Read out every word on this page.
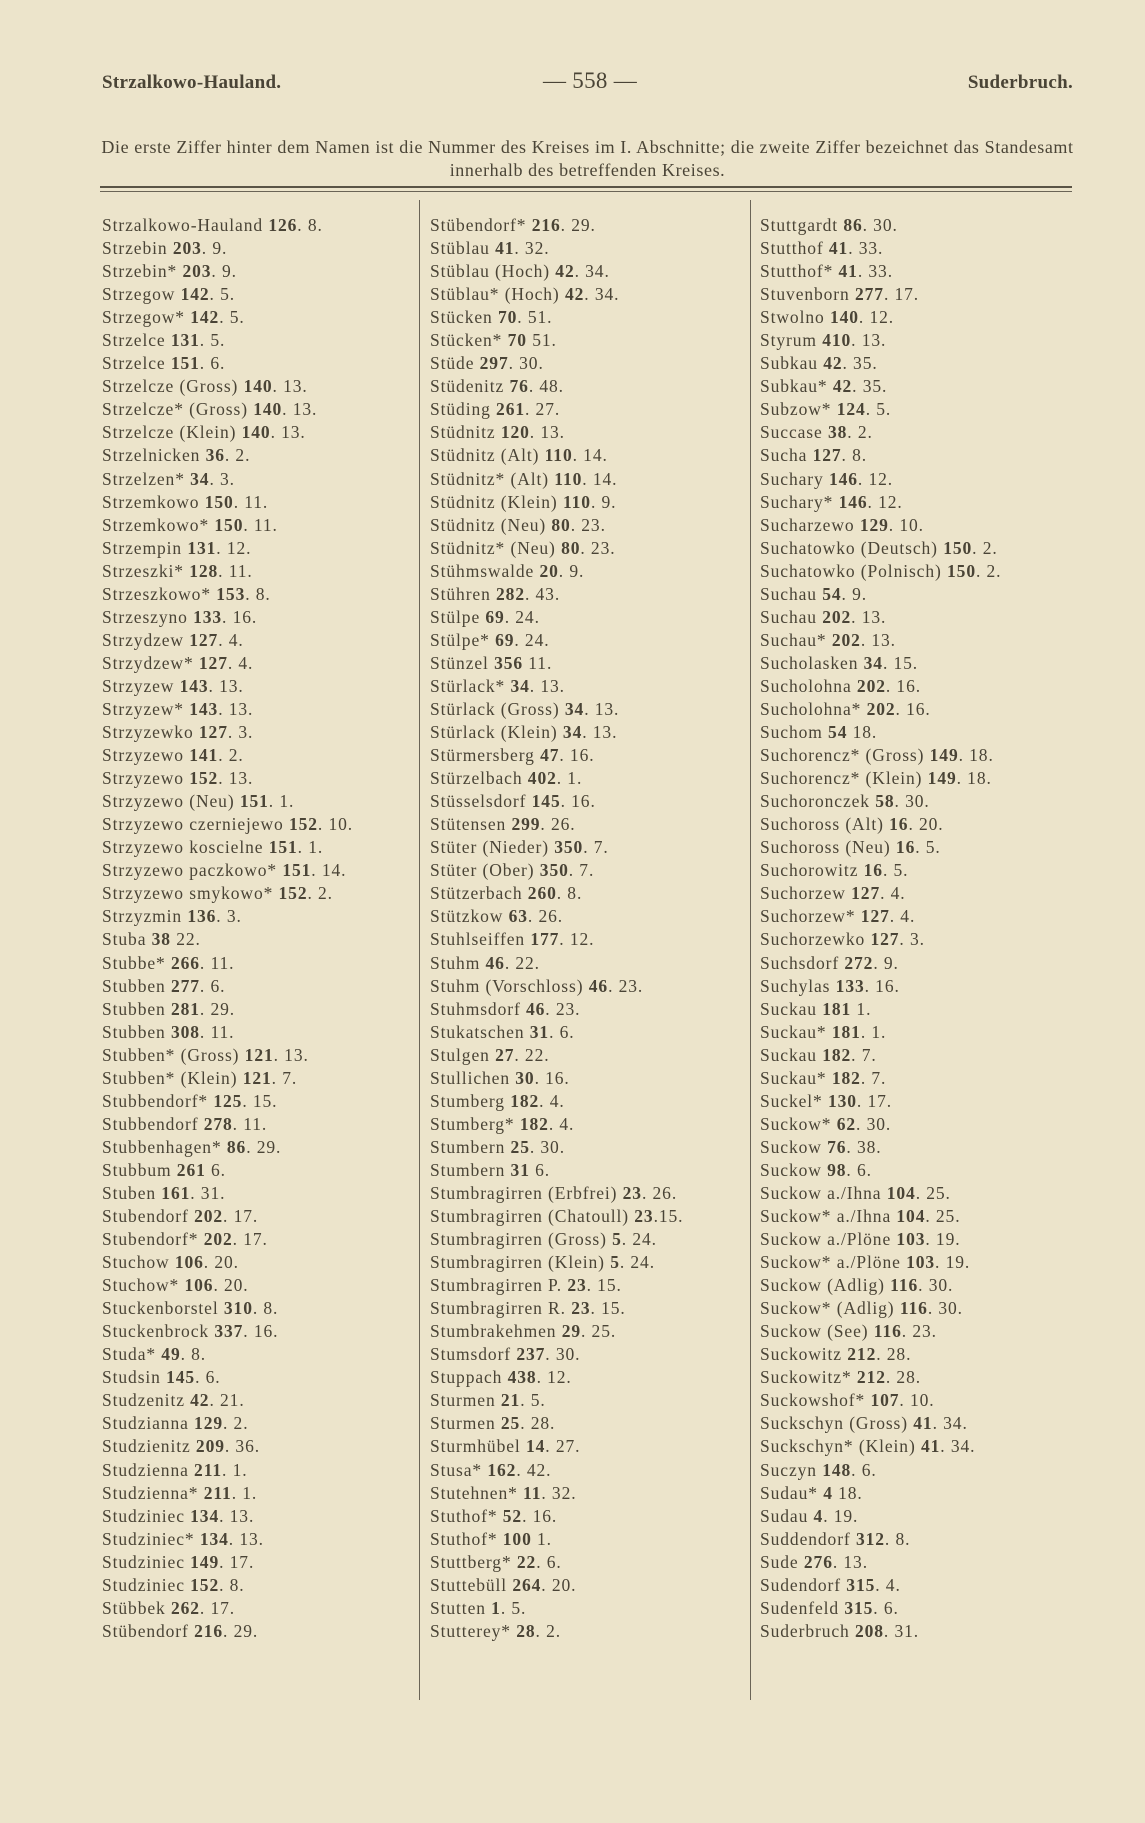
Strzalkowo-Hauland.	— 558 —	Suderbruch.
Die erste Ziffer hinter dem Namen ist die Nummer des Kreises im I. Abschnitte; die zweite Ziffer bezeichnet das Standesamt innerhalb des betreffenden Kreises.
Strzalkowo-Hauland 126. 8.
Strzebin 203. 9.
Strzebin* 203. 9.
Strzegow 142. 5.
Strzegow* 142. 5.
Strzelce 131. 5.
Strzelce 151. 6.
Strzelcze (Gross) 140. 13.
Strzelcze* (Gross) 140. 13.
Strzelcze (Klein) 140. 13.
Strzelnicken 36. 2.
Strzelzen* 34. 3.
Strzemkowo 150. 11.
Strzemkowo* 150. 11.
Strzempin 131. 12.
Strzeszki* 128. 11.
Strzeszkowo* 153. 8.
Strzeszyno 133. 16.
Strzydzew 127. 4.
Strzydzew* 127. 4.
Strzyzew 143. 13.
Strzyzew* 143. 13.
Strzyzewko 127. 3.
Strzyzewo 141. 2.
Strzyzewo 152. 13.
Strzyzewo (Neu) 151. 1.
Strzyzewo czerniejewo 152. 10.
Strzyzewo koscielne 151. 1.
Strzyzewo paczkowo* 151. 14.
Strzyzewo smykowo* 152. 2.
Strzyzmin 136. 3.
Stuba 38 22.
Stubbe* 266. 11.
Stubben 277. 6.
Stubben 281. 29.
Stubben 308. 11.
Stubben* (Gross) 121. 13.
Stubben* (Klein) 121. 7.
Stubbendorf* 125. 15.
Stubbendorf 278. 11.
Stubbenhagen* 86. 29.
Stubbum 261 6.
Stuben 161. 31.
Stubendorf 202. 17.
Stubendorf* 202. 17.
Stuchow 106. 20.
Stuchow* 106. 20.
Stuckenborstel 310. 8.
Stuckenbrock 337. 16.
Studa* 49. 8.
Studsin 145. 6.
Studzenitz 42. 21.
Studzianna 129. 2.
Studzienitz 209. 36.
Studzienna 211. 1.
Studzienna* 211. 1.
Studziniec 134. 13.
Studziniec* 134. 13.
Studziniec 149. 17.
Studziniec 152. 8.
Stübbek 262. 17.
Stübendorf 216. 29.
Stübendorf* 216. 29.
Stüblau 41. 32.
Stüblau (Hoch) 42. 34.
Stüblau* (Hoch) 42. 34.
Stücken 70. 51.
Stücken* 70 51.
Stüde 297. 30.
Stüdenitz 76. 48.
Stüding 261. 27.
Stüdnitz 120. 13.
Stüdnitz (Alt) 110. 14.
Stüdnitz* (Alt) 110. 14.
Stüdnitz (Klein) 110. 9.
Stüdnitz (Neu) 80. 23.
Stüdnitz* (Neu) 80. 23.
Stühmswalde 20. 9.
Stühren 282. 43.
Stülpe 69. 24.
Stülpe* 69. 24.
Stünzel 356 11.
Stürlack* 34. 13.
Stürlack (Gross) 34. 13.
Stürlack (Klein) 34. 13.
Stürmersberg 47. 16.
Stürzelbach 402. 1.
Stüsselsdorf 145. 16.
Stütensen 299. 26.
Stüter (Nieder) 350. 7.
Stüter (Ober) 350. 7.
Stützerbach 260. 8.
Stützkow 63. 26.
Stuhlseiffen 177. 12.
Stuhm 46. 22.
Stuhm (Vorschloss) 46. 23.
Stuhmsdorf 46. 23.
Stukatschen 31. 6.
Stulgen 27. 22.
Stullichen 30. 16.
Stumberg 182. 4.
Stumberg* 182. 4.
Stumbern 25. 30.
Stumbern 31 6.
Stumbragirren (Erbfrei) 23. 26.
Stumbragirren (Chatoull) 23.15.
Stumbragirren (Gross) 5. 24.
Stumbragirren (Klein) 5. 24.
Stumbragirren P. 23. 15.
Stumbragirren R. 23. 15.
Stumbrakehmen 29. 25.
Stumsdorf 237. 30.
Stuppach 438. 12.
Sturmen 21. 5.
Sturmen 25. 28.
Sturmhübel 14. 27.
Stusa* 162. 42.
Stutehnen* 11. 32.
Stuthof* 52. 16.
Stuthof* 100 1.
Stuttberg* 22. 6.
Stuttebüll 264. 20.
Stutten 1. 5.
Stutterey* 28. 2.
Stuttgardt 86. 30.
Stutthof 41. 33.
Stutthof* 41. 33.
Stuvenborn 277. 17.
Stwolno 140. 12.
Styrum 410. 13.
Subkau 42. 35.
Subkau* 42. 35.
Subzow* 124. 5.
Succase 38. 2.
Sucha 127. 8.
Suchary 146. 12.
Suchary* 146. 12.
Sucharzewo 129. 10.
Suchatowko (Deutsch) 150. 2.
Suchatowko (Polnisch) 150. 2.
Suchau 54. 9.
Suchau 202. 13.
Suchau* 202. 13.
Sucholasken 34. 15.
Sucholohna 202. 16.
Sucholohna* 202. 16.
Suchom 54 18.
Suchorencz* (Gross) 149. 18.
Suchorencz* (Klein) 149. 18.
Suchoronczek 58. 30.
Suchoross (Alt) 16. 20.
Suchoross (Neu) 16. 5.
Suchorowitz 16. 5.
Suchorzew 127. 4.
Suchorzew* 127. 4.
Suchorzewko 127. 3.
Suchsdorf 272. 9.
Suchylas 133. 16.
Suckau 181 1.
Suckau* 181. 1.
Suckau 182. 7.
Suckau* 182. 7.
Suckel* 130. 17.
Suckow* 62. 30.
Suckow 76. 38.
Suckow 98. 6.
Suckow a./Ihna 104. 25.
Suckow* a./Ihna 104. 25.
Suckow a./Plöne 103. 19.
Suckow* a./Plöne 103. 19.
Suckow (Adlig) 116. 30.
Suckow* (Adlig) 116. 30.
Suckow (See) 116. 23.
Suckowitz 212. 28.
Suckowitz* 212. 28.
Suckowshof* 107. 10.
Suckschyn (Gross) 41. 34.
Suckschyn* (Klein) 41. 34.
Suczyn 148. 6.
Sudau* 4 18.
Sudau 4. 19.
Suddendorf 312. 8.
Sude 276. 13.
Sudendorf 315. 4.
Sudenfeld 315. 6.
Suderbruch 208. 31.
